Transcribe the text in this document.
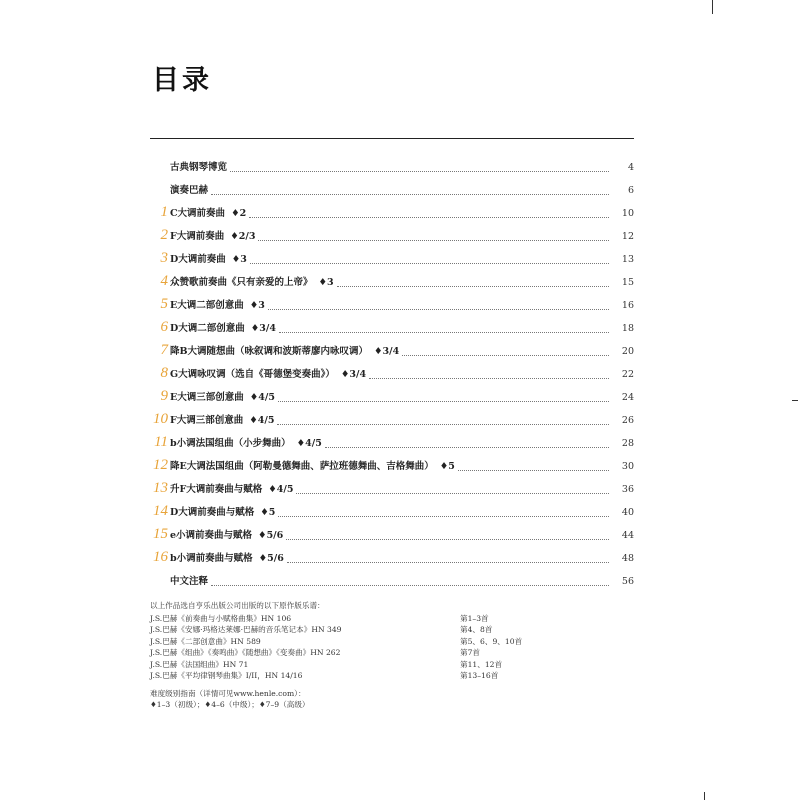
目录
古典钢琴博览	4
演奏巴赫	6
1 C大调前奏曲 ♦2	10
2 F大调前奏曲 ♦2/3	12
3 D大调前奏曲 ♦3	13
4 众赞歌前奏曲《只有亲爱的上帝》 ♦3	15
5 E大调二部创意曲 ♦3	16
6 D大调二部创意曲 ♦3/4	18
7 降B大调随想曲（咏叙调和波斯蒂廖内咏叹调） ♦3/4	20
8 G大调咏叹调（选自《哥德堡变奏曲》） ♦3/4	22
9 E大调三部创意曲 ♦4/5	24
10 F大调三部创意曲 ♦4/5	26
11 b小调法国组曲（小步舞曲） ♦4/5	28
12 降E大调法国组曲（阿勒曼德舞曲、萨拉班德舞曲、吉格舞曲） ♦5	30
13 升F大调前奏曲与赋格 ♦4/5	36
14 D大调前奏曲与赋格 ♦5	40
15 e小调前奏曲与赋格 ♦5/6	44
16 b小调前奏曲与赋格 ♦5/6	48
中文注释	56
以上作品选自亨乐出版公司出版的以下原作版乐谱：
J.S.巴赫《前奏曲与小赋格曲集》HN 106	第1–3首
J.S.巴赫《安娜·玛格达莱娜·巴赫的音乐笔记本》HN 349	第4、8首
J.S.巴赫《二部创意曲》HN 589	第5、6、9、10首
J.S.巴赫《组曲》《奏鸣曲》《随想曲》《变奏曲》HN 262	第7首
J.S.巴赫《法国组曲》HN 71	第11、12首
J.S.巴赫《平均律钢琴曲集》I/II，HN 14/16	第13–16首
难度级别指南（详情可见www.henle.com）：
♦1–3（初级）；♦4–6（中级）；♦7–9（高级）
